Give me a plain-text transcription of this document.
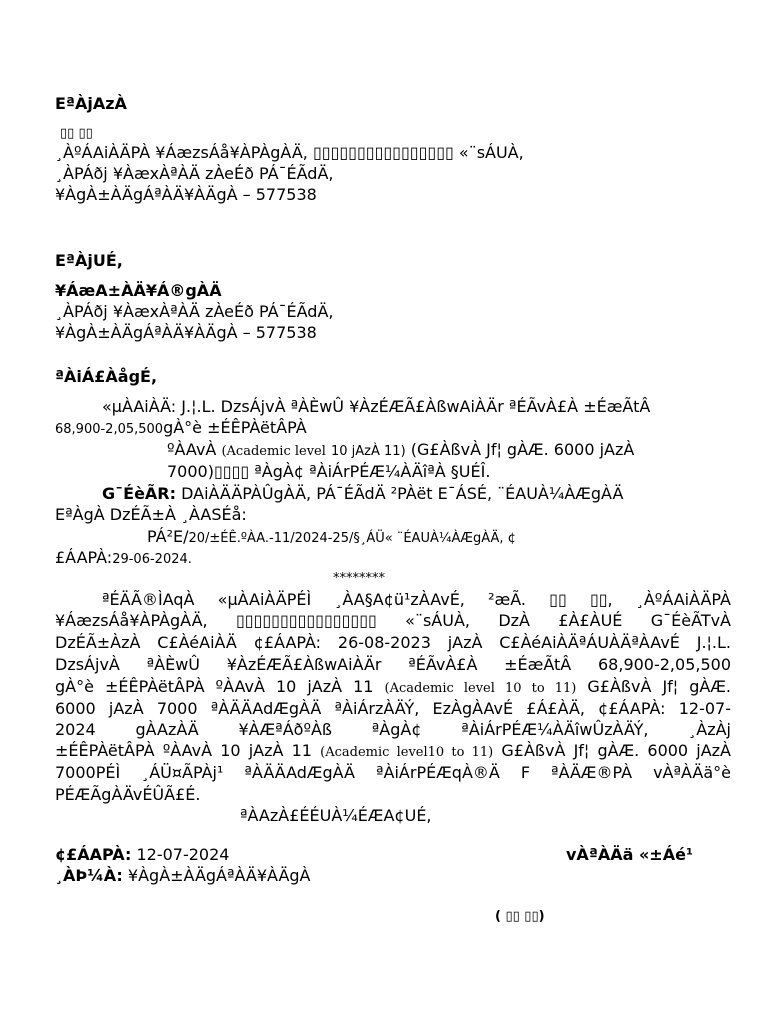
EªÀjAzÀ
▯▯ ▯▯
¸ÀºÁAiÀÄPÀ ¥ÁæzsÁå¥ÀPÀgÀÄ, ▯▯▯▯▯▯▯▯▯▯▯▯▯▯▯▯ «¨sÁUÀ,
¸ÀPÁðj ¥ÀæxÀªÀÄ zÀeÉð PÁ¯ÉÃdÄ,
¥ÀgÀ±ÀÄgÁªÀÄ¥ÀÄgÀ – 577538
EªÀjUÉ,
¥ÁæA±ÀÄ¥Á®gÀÄ
¸ÀPÁðj ¥ÀæxÀªÀÄ zÀeÉð PÁ¯ÉÃdÄ,
¥ÀgÀ±ÀÄgÁªÀÄ¥ÀÄgÀ – 577538
ªÀiÁ£ÀågÉ,
«µÀAiÀÄ: J.¦.L. DzsÁjvÀ ªÀÈwÛ ¥ÀzÉÆÃ£ÀßwAiÀÄr ªÉÃvÀ£À ±ÉæÃtÂ
68,900-2,05,500gÀ°è ±ÉÊPÀëtÂPÀ
ºÀAvÀ (Academic level 10 jAzÀ 11) (G£ÀßvÀ Jf¦ gÀÆ. 6000 jAzÀ
7000)▯▯▯▯ ªÀgÀ¢ ªÀiÁrPÉÆ¼ÀÄîªÀ §UÉÎ.
G¯ÉèÃR: DAiÀÄÄPÀÛgÀÄ, PÁ¯ÉÃdÄ ²PÀët E¯ÁSÉ, ¨ÉAUÀ¼ÀÆgÀÄ
EªÀgÀ DzÉÃ±À ¸ÀASÉå:
PÁ²E/20/±ÉÊ.ºÀA.-11/2024-25/§¸ÁÜ« ¨ÉAUÀ¼ÀÆgÀÄ, ¢
£ÁAPÀ:29-06-2024.
********
ªÉÄÃ®ÌAqÀ «µÀAiÀÄPÉÌ ¸ÀA§A¢ü¹zÀAvÉ, ²æÃ. ▯▯ ▯▯, ¸ÀºÁAiÀÄPÀ
¥ÁæzsÁå¥ÀPÀgÀÄ, ▯▯▯▯▯▯▯▯▯▯▯▯▯▯▯▯ «¨sÁUÀ, DzÀ £À£ÀUÉ G¯ÉèÃTvÀ
DzÉÃ±ÀzÀ C£ÀéAiÀÄ ¢£ÁAPÀ: 26-08-2023 jAzÀ C£ÀéAiÀÄªÁUÀÄªÀAvÉ J.¦.L.
DzsÁjvÀ ªÀÈwÛ ¥ÀzÉÆÃ£ÀßwAiÀÄr ªÉÃvÀ£À ±ÉæÃtÂ 68,900-2,05,500
gÀ°è ±ÉÊPÀëtÂPÀ ºÀAvÀ 10 jAzÀ 11 (Academic level 10 to 11) G£ÀßvÀ Jf¦ gÀÆ.
6000 jAzÀ 7000 ªÀÄÄAdÆgÀÄ ªÀiÁrzÀÄÝ, EzÀgÀAvÉ £Á£ÀÄ, ¢£ÁAPÀ: 12-07-
2024 gÀAzÀÄ ¥ÀÆªÁðºÀß ªÀgÀ¢ ªÀiÁrPÉÆ¼ÀÄîwÛzÀÄÝ, ¸ÀzÀj
±ÉÊPÀëtÂPÀ ºÀAvÀ 10 jAzÀ 11 (Academic level10 to 11) G£ÀßvÀ Jf¦ gÀÆ. 6000 jAzÀ
7000PÉÌ ¸ÁÜ¤ÃPÀj¹ ªÀÄÄAdÆgÀÄ ªÀiÁrPÉÆqÀ®Ä F ªÀÄÆ®PÀ vÀªÀÄä°è
PÉÆÃgÀÄvÉÛÃ£É.
ªÀAzÀ£ÉÉUÀ¼ÉÆA¢UÉ,
¢£ÁAPÀ: 12-07-2024	vÀªÀÄä «±Áé¹
¸ÀÞ¼À: ¥ÀgÀ±ÀÄgÁªÀÄ¥ÀÄgÀ
( ▯▯ ▯▯)
